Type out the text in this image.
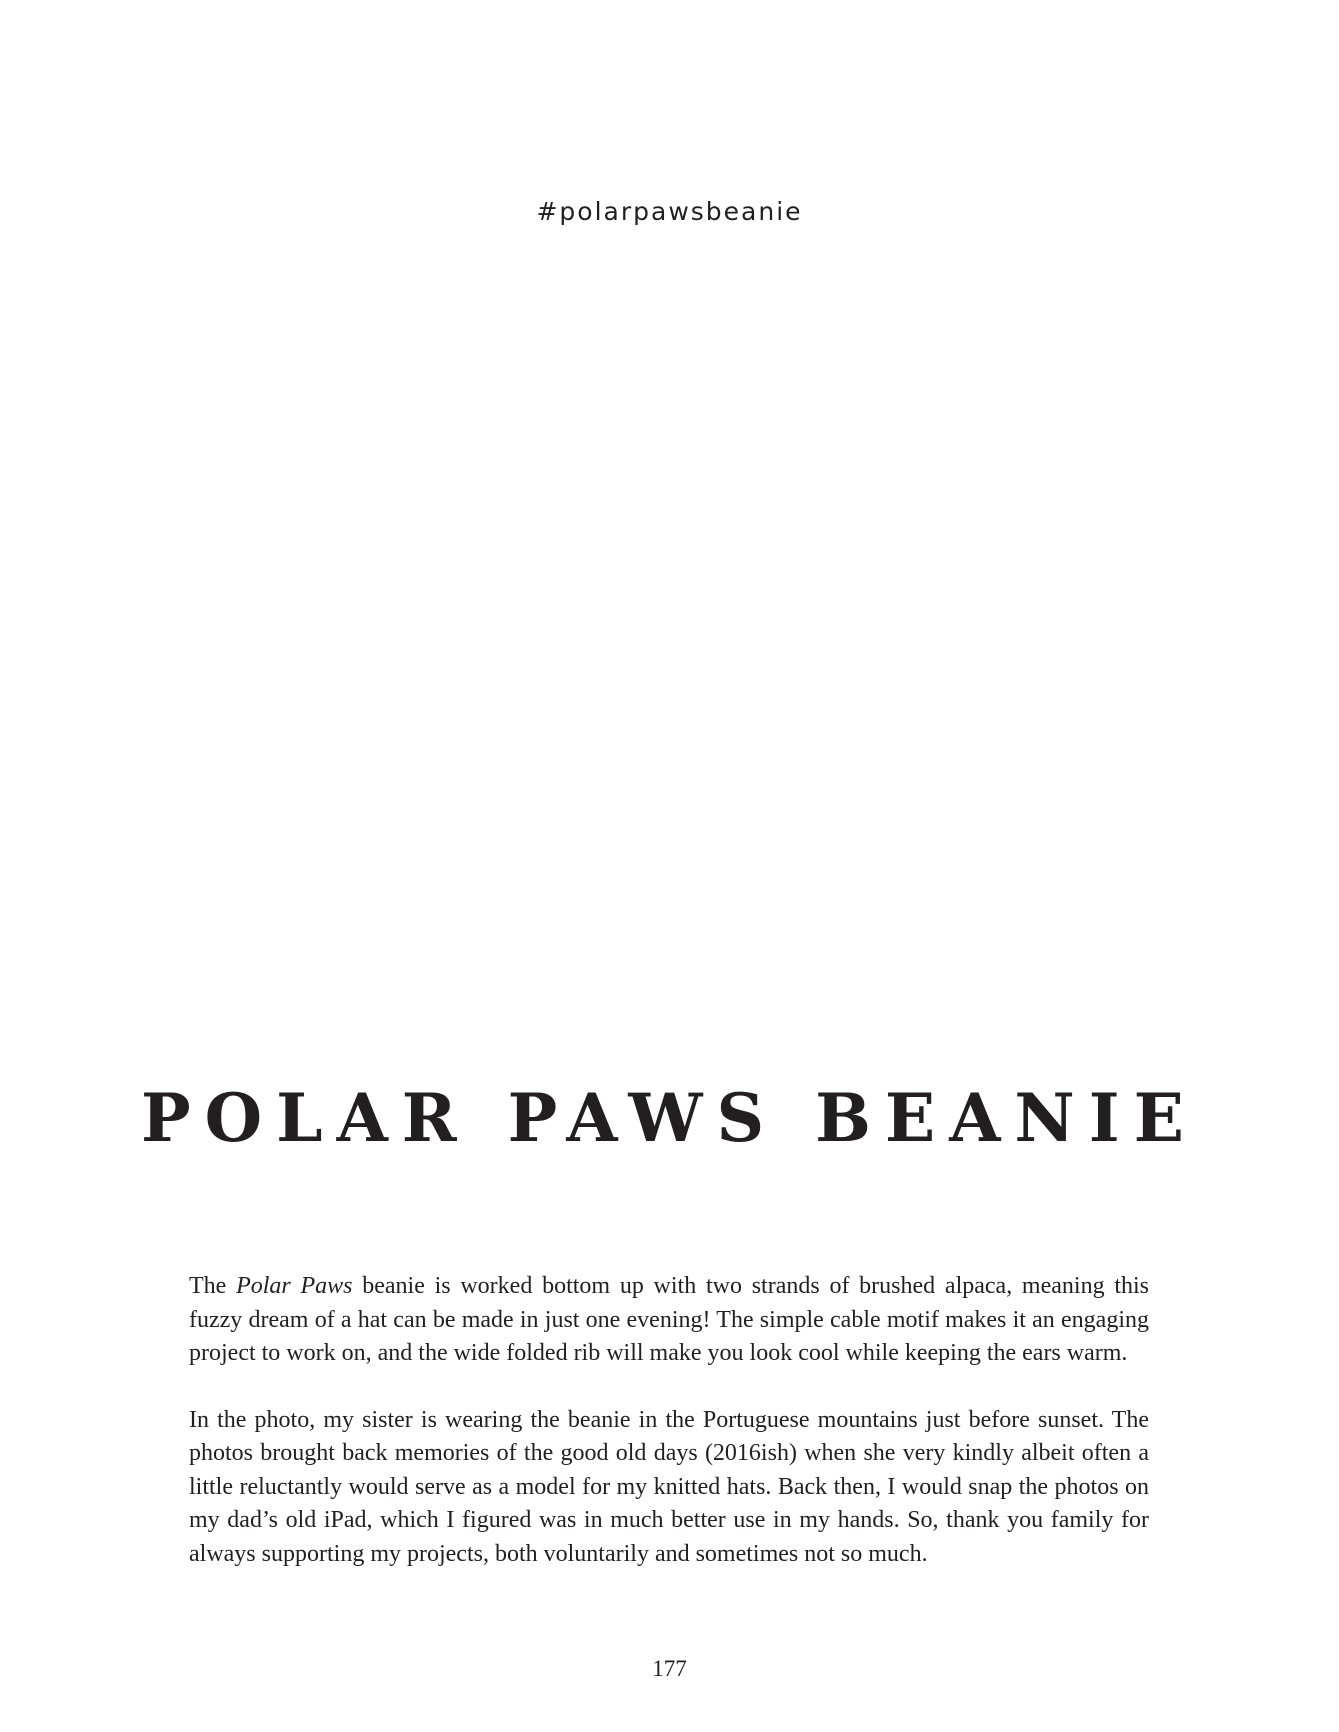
#polarpawsbeanie
POLAR PAWS BEANIE

The Polar Paws beanie is worked bottom up with two strands of brushed alpaca, meaning this fuzzy dream of a hat can be made in just one evening! The simple cable motif makes it an engaging project to work on, and the wide folded rib will make you look cool while keeping the ears warm.

In the photo, my sister is wearing the beanie in the Portuguese mountains just before sunset. The photos brought back memories of the good old days (2016ish) when she very kindly albeit often a little reluctantly would serve as a model for my knitted hats. Back then, I would snap the photos on my dad’s old iPad, which I figured was in much better use in my hands. So, thank you family for always supporting my projects, both voluntarily and sometimes not so much.

177
